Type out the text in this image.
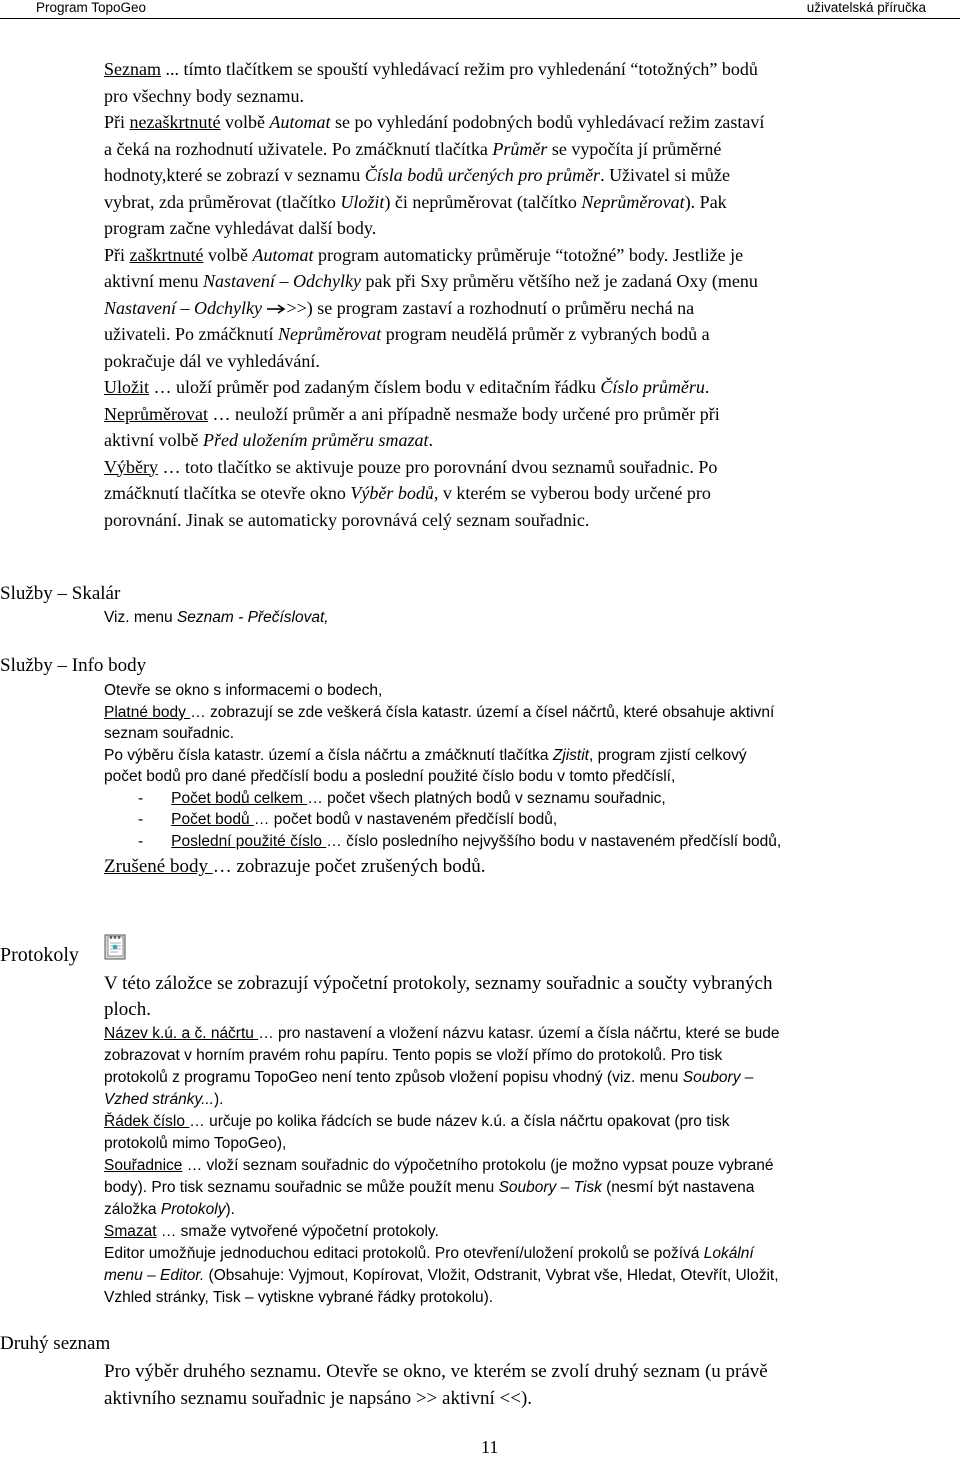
Program TopoGeo	uživatelská příručka
Seznam ... tímto tlačítkem se spouští vyhledávací režim pro vyhledenání “totožných” bodů
pro všechny body seznamu.
Při nezaškrtnuté volbě Automat se po vyhledání podobných bodů vyhledávací režim zastaví
a čeká na rozhodnutí uživatele. Po zmáčknutí tlačítka Průměr se vypočíta jí průměrné
hodnoty,které se zobrazí v seznamu Čísla bodů určených pro průměr. Uživatel si může
vybrat, zda průměrovat (tlačítko Uložit) či neprůměrovat (talčítko Neprůměrovat). Pak
program začne vyhledávat další body.
Při zaškrtnuté volbě Automat program automaticky průměruje “totožné” body. Jestliže je
aktivní menu Nastavení – Odchylky pak při Sxy průměru většího než je zadaná Oxy (menu
Nastavení – Odchylky >>) se program zastaví a rozhodnutí o průměru nechá na
uživateli. Po zmáčknutí Neprůměrovat program neudělá průměr z vybraných bodů a
pokračuje dál ve vyhledávání.
Uložit … uloží průměr pod zadaným číslem bodu v editačním řádku Číslo průměru.
Neprůměrovat … neuloží průměr a ani případně nesmaže body určené pro průměr při
aktivní volbě Před uložením průměru smazat.
Výběry … toto tlačítko se aktivuje pouze pro porovnání dvou seznamů souřadnic. Po
zmáčknutí tlačítka se otevře okno Výběr bodů, v kterém se vyberou body určené pro
porovnání. Jinak se automaticky porovnává celý seznam souřadnic.
Služby – Skalár
Viz. menu Seznam - Přečíslovat,
Služby – Info body
Otevře se okno s informacemi o bodech,
Platné body … zobrazují se zde veškerá čísla katastr. území a čísel náčrtů, které obsahuje aktivní
seznam souřadnic.
Po výběru čísla katastr. území a čísla náčrtu a zmáčknutí tlačítka Zjistit, program zjistí celkový
počet bodů pro dané předčíslí bodu a poslední použité číslo bodu v tomto předčíslí,
- Počet bodů celkem … počet všech platných bodů v seznamu souřadnic,
- Počet bodů … počet bodů v nastaveném předčíslí bodů,
- Poslední použité číslo … číslo posledního nejvyššího bodu v nastaveném předčíslí bodů,
Zrušené body … zobrazuje počet zrušených bodů.
Protokoly
V této záložce se zobrazují výpočetní protokoly, seznamy souřadnic a součty vybraných
ploch.
Název k.ú. a č. náčrtu … pro nastavení a vložení názvu katasr. území a čísla náčrtu, které se bude
zobrazovat v horním pravém rohu papíru. Tento popis se vloží přímo do protokolů. Pro tisk
protokolů z programu TopoGeo není tento způsob vložení popisu vhodný (viz. menu Soubory –
Vzhed stránky...).
Řádek číslo … určuje po kolika řádcích se bude název k.ú. a čísla náčrtu opakovat (pro tisk
protokolů mimo TopoGeo),
Souřadnice … vloží seznam souřadnic do výpočetního protokolu (je možno vypsat pouze vybrané
body). Pro tisk seznamu souřadnic se může použít menu Soubory – Tisk (nesmí být nastavena
záložka Protokoly).
Smazat … smaže vytvořené výpočetní protokoly.
Editor umožňuje jednoduchou editaci protokolů. Pro otevření/uložení prokolů se požívá Lokální
menu – Editor. (Obsahuje: Vyjmout, Kopírovat, Vložit, Odstranit, Vybrat vše, Hledat, Otevřít, Uložit,
Vzhled stránky, Tisk – vytiskne vybrané řádky protokolu).
Druhý seznam
Pro výběr druhého seznamu. Otevře se okno, ve kterém se zvolí druhý seznam (u právě
aktivního seznamu souřadnic je napsáno >> aktivní <<).
11
